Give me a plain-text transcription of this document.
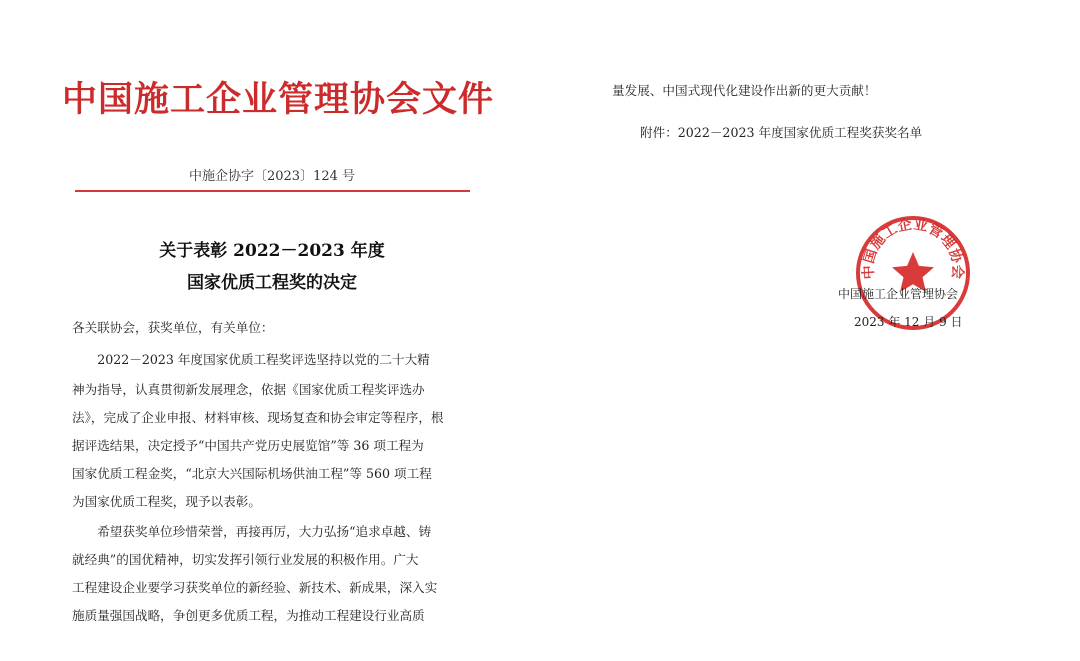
中国施工企业管理协会文件
中施企协字〔2023〕124 号
关于表彰 2022－2023 年度
国家优质工程奖的决定
各关联协会，获奖单位，有关单位：
　　2022－2023 年度国家优质工程奖评选坚持以党的二十大精
神为指导，认真贯彻新发展理念，依据《国家优质工程奖评选办
法》，完成了企业申报、材料审核、现场复查和协会审定等程序，根
据评选结果，决定授予“中国共产党历史展览馆”等 36 项工程为
国家优质工程金奖，“北京大兴国际机场供油工程”等 560 项工程
为国家优质工程奖，现予以表彰。
　　希望获奖单位珍惜荣誉，再接再厉，大力弘扬“追求卓越、铸
就经典”的国优精神，切实发挥引领行业发展的积极作用。广大
工程建设企业要学习获奖单位的新经验、新技术、新成果，深入实
施质量强国战略，争创更多优质工程，为推动工程建设行业高质
量发展、中国式现代化建设作出新的更大贡献！
附件：2022－2023 年度国家优质工程奖获奖名单
中国施工企业管理协会
中国施工企业管理协会
2023 年 12 月 9 日
